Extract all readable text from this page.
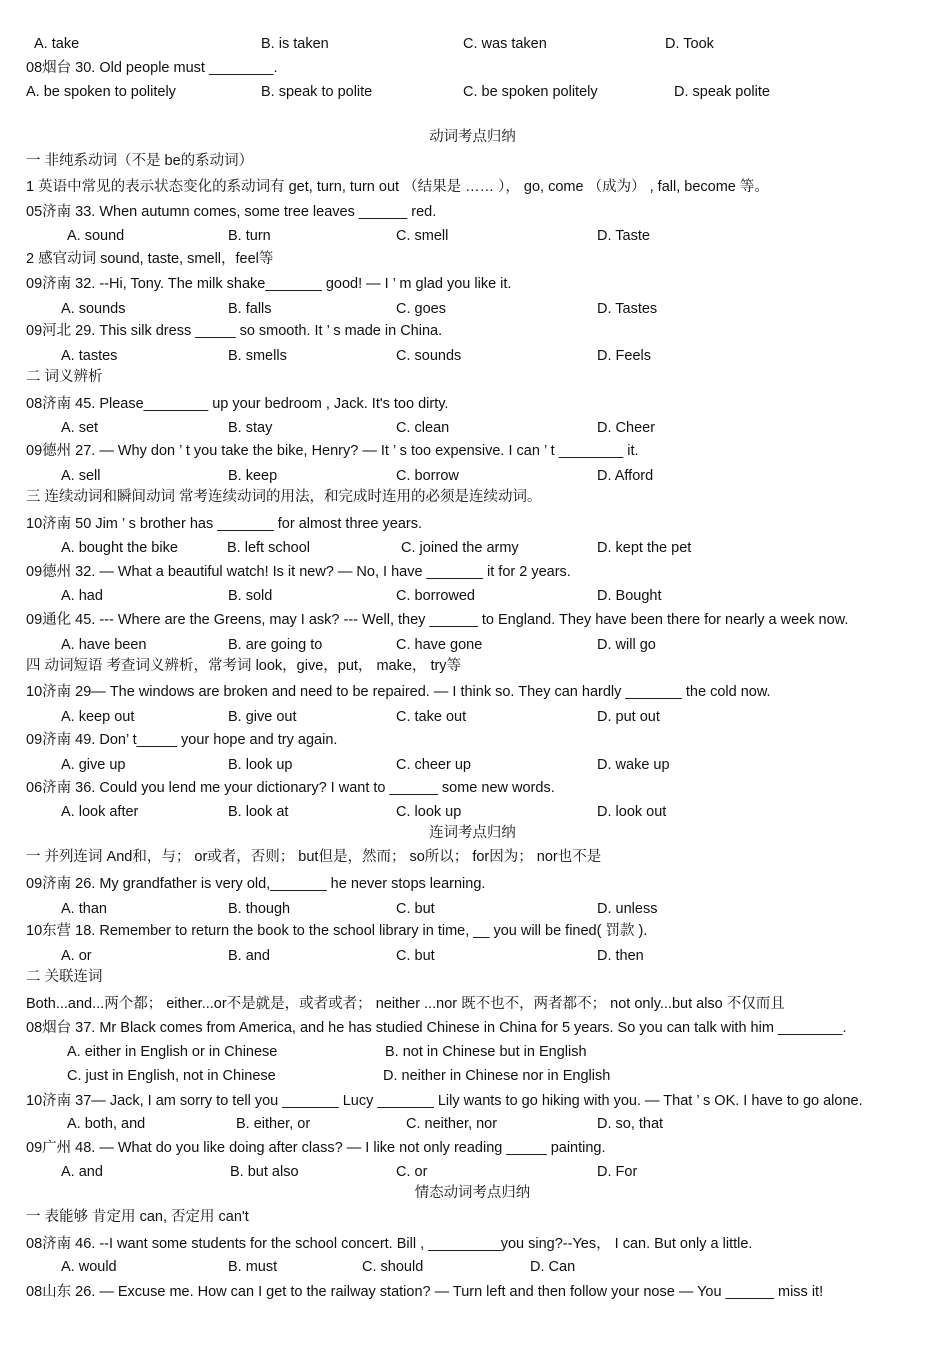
A. take	B. is taken	C. was taken	D. Took
08烟台 30. Old people must ________.
A. be spoken to politely	B. speak to polite	C. be spoken politely	D. speak polite
动词考点归纳
一 非纯系动词（不是 be的系动词）
1 英语中常见的表示状态变化的系动词有 get, turn, turn out （结果是 …… ）， go, come （成为） , fall, become 等。
05济南 33. When autumn comes, some tree leaves ______ red.
A. sound	B. turn	C. smell	D. Taste
2 感官动词 sound, taste, smell，feel等
09济南 32. --Hi, Tony. The milk shake_______ good! — I ’ m glad you like it.
A. sounds	B. falls	C. goes	D. Tastes
09河北 29. This silk dress _____ so smooth. It ’ s made in China.
A. tastes	B. smells	C. sounds	D. Feels
二 词义辨析
08济南 45. Please________ up your bedroom , Jack. It's too dirty.
A. set	B. stay	C. clean	D. Cheer
09德州 27. — Why don ’ t you take the bike, Henry? — It ’ s too expensive. I can ’ t ________ it.
A. sell	B. keep	C. borrow	D. Afford
三 连续动词和瞬间动词 常考连续动词的用法，和完成时连用的必须是连续动词。
10济南 50 Jim ’ s brother has _______ for almost three years.
A. bought the bike	B. left school	C. joined the army	D. kept the pet
09德州 32. — What a beautiful watch! Is it new? — No, I have _______ it for 2 years.
A. had	B. sold	C. borrowed	D. Bought
09通化 45. --- Where are the Greens, may I ask? --- Well, they ______ to England. They have been there for nearly a week now.
A. have been	B. are going to	C. have gone	D. will go
四 动词短语 考查词义辨析，常考词 look，give，put， make， try等
10济南 29— The windows are broken and need to be repaired. — I think so. They can hardly _______ the cold now.
A. keep out	B. give out	C. take out	D. put out
09济南 49. Don’ t_____ your hope and try again.
A. give up	B. look up	C. cheer up	D. wake up
06济南 36. Could you lend me your dictionary? I want to ______ some new words.
A. look after	B. look at	C. look up	D. look out
连词考点归纳
一 并列连词 And和，与； or或者，否则； but但是，然而； so所以； for因为； nor也不是
09济南 26. My grandfather is very old,_______ he never stops learning.
A. than	B. though	C. but	D. unless
10东营 18. Remember to return the book to the school library in time, __ you will be fined( 罚款 ).
A. or	B. and	C. but	D. then
二 关联连词
Both...and...两个都； either...or不是就是，或者或者； neither ...nor 既不也不，两者都不； not only...but also 不仅而且
08烟台 37. Mr Black comes from America, and he has studied Chinese in China for 5 years. So you can talk with him ________.
A. either in English or in Chinese	B. not in Chinese but in English
C. just in English, not in Chinese	D. neither in Chinese nor in English
10济南 37— Jack, I am sorry to tell you _______ Lucy _______ Lily wants to go hiking with you. — That ’ s OK. I have to go alone.
A. both, and	B. either, or	C. neither, nor	D. so, that
09广州 48. — What do you like doing after class? — I like not only reading _____ painting.
A. and	B. but also	C. or	D. For
情态动词考点归纳
一 表能够 肯定用 can, 否定用 can't
08济南 46. --I want some students for the school concert. Bill , _________you sing?--Yes， I can. But only a little.
A. would	B. must	C. should	D. Can
08山东 26. — Excuse me. How can I get to the railway station? — Turn left and then follow your nose — You ______ miss it!
